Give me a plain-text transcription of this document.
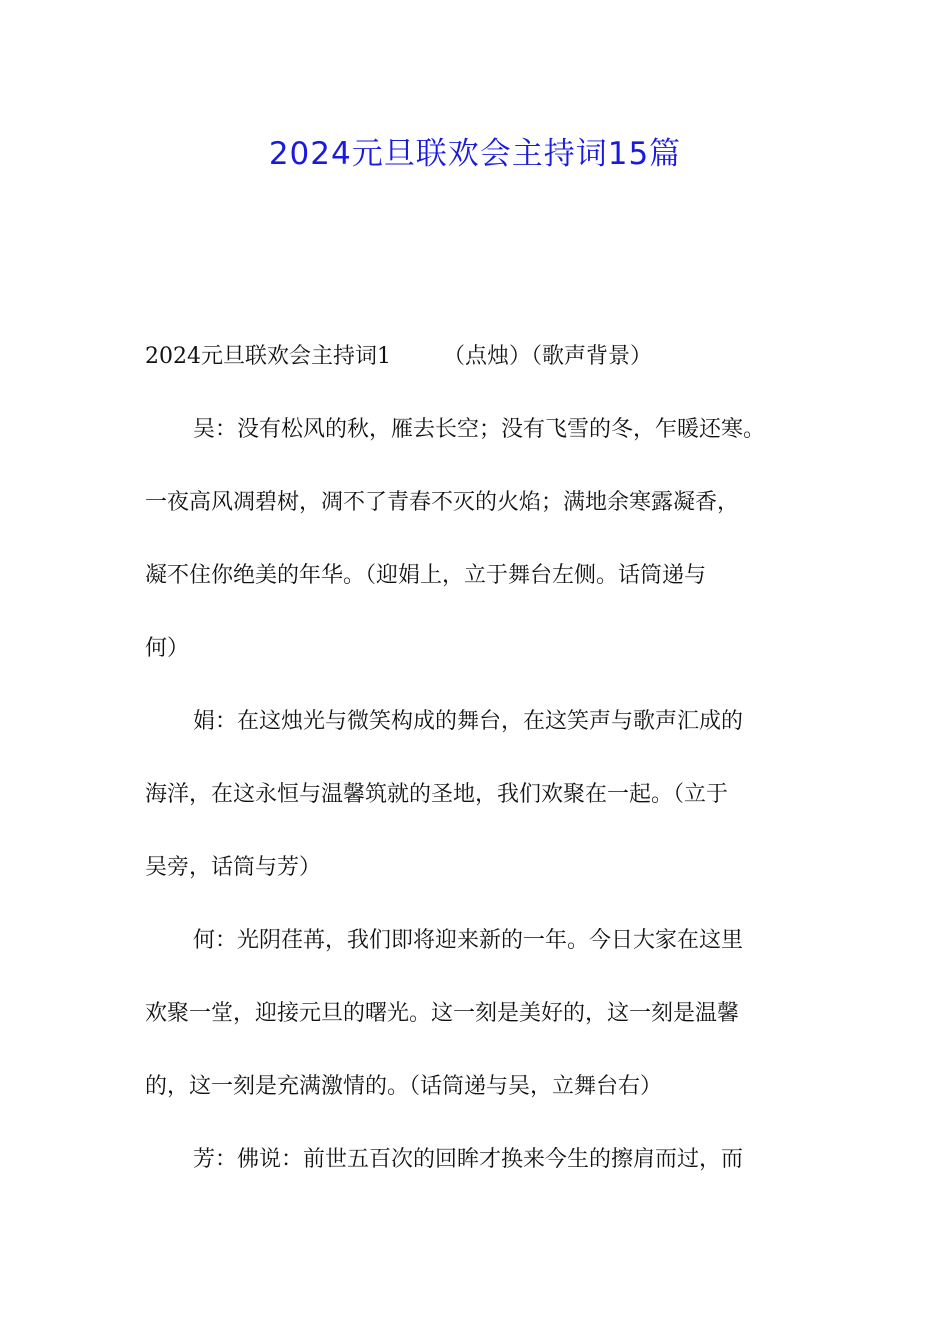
2024元旦联欢会主持词15篇
2024元旦联欢会主持词1 （点烛）（歌声背景）
吴：没有松风的秋，雁去长空；没有飞雪的冬，乍暖还寒。
一夜高风凋碧树，凋不了青春不灭的火焰；满地余寒露凝香，
凝不住你绝美的年华。（迎娟上，立于舞台左侧。话筒递与
何）
娟：在这烛光与微笑构成的舞台，在这笑声与歌声汇成的
海洋，在这永恒与温馨筑就的圣地，我们欢聚在一起。（立于
吴旁，话筒与芳）
何：光阴荏苒，我们即将迎来新的一年。今日大家在这里
欢聚一堂，迎接元旦的曙光。这一刻是美好的，这一刻是温馨
的，这一刻是充满激情的。（话筒递与吴，立舞台右）
芳：佛说：前世五百次的回眸才换来今生的擦肩而过，而
